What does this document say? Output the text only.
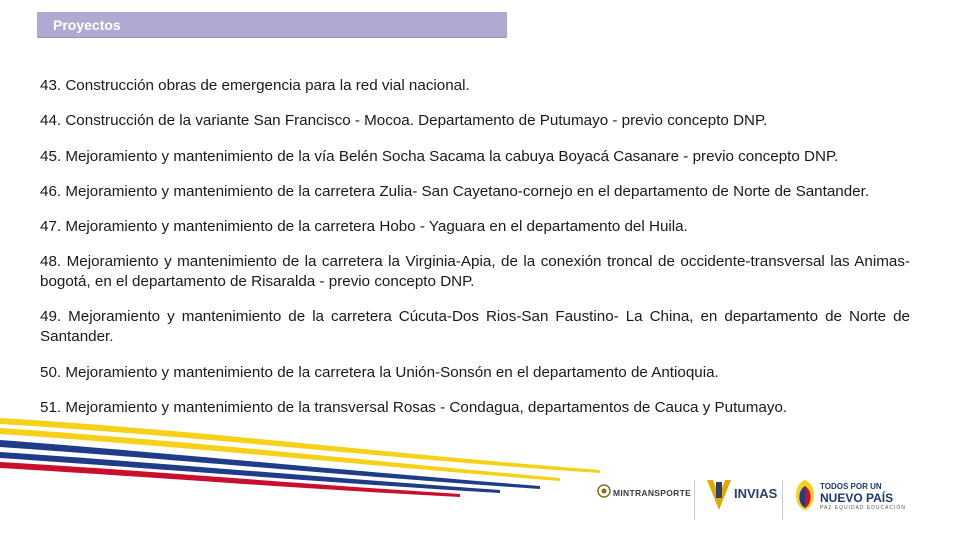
Proyectos

43. Construcción obras de emergencia para la red vial nacional.

44. Construcción de la variante San Francisco - Mocoa. Departamento de Putumayo - previo concepto DNP.

45. Mejoramiento y mantenimiento de la vía Belén Socha Sacama la cabuya Boyacá Casanare - previo concepto DNP.

46. Mejoramiento y mantenimiento de la carretera Zulia- San Cayetano-cornejo en el departamento de Norte de Santander.

47. Mejoramiento y mantenimiento de la carretera Hobo - Yaguara en el departamento del Huila.

48. Mejoramiento y mantenimiento de la carretera la Virginia-Apia, de la conexión troncal de occidente-transversal las Animas-bogotá, en el departamento de Risaralda - previo concepto DNP.

49. Mejoramiento y mantenimiento de la carretera Cúcuta-Dos Rios-San Faustino- La China, en departamento de Norte de Santander.

50. Mejoramiento y mantenimiento de la carretera la Unión-Sonsón en el departamento de Antioquia.

51. Mejoramiento y mantenimiento de la transversal Rosas - Condagua, departamentos de Cauca y Putumayo.

MINTRANSPORTE	INVIAS	TODOS POR UN
NUEVO PAÍS
PAZ EQUIDAD EDUCACIÓN
